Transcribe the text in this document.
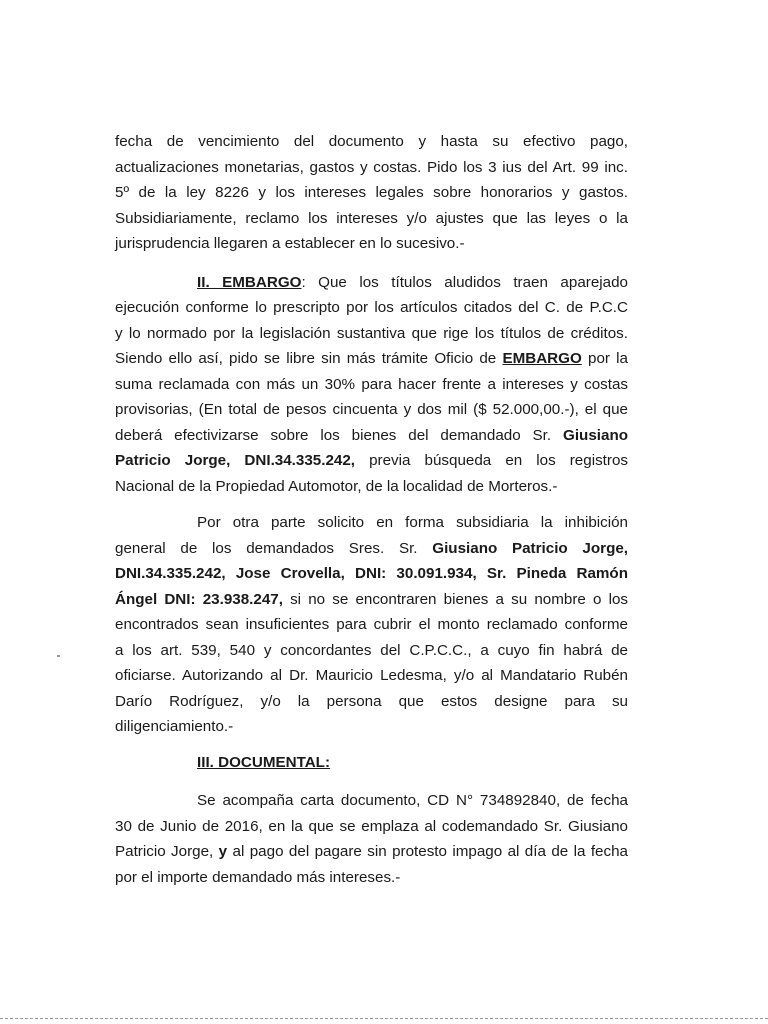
fecha de vencimiento del documento y hasta su efectivo pago,
actualizaciones monetarias, gastos y costas. Pido los 3 ius del Art. 99 inc.
5º de la ley 8226 y los intereses legales sobre honorarios y gastos.
Subsidiariamente, reclamo los intereses y/o ajustes que las leyes o la
jurisprudencia llegaren a establecer en lo sucesivo.-

II. EMBARGO: Que los títulos aludidos traen aparejado
ejecución conforme lo prescripto por los artículos citados del C. de P.C.C
y lo normado por la legislación sustantiva que rige los títulos de créditos.
Siendo ello así, pido se libre sin más trámite Oficio de EMBARGO por la
suma reclamada con más un 30% para hacer frente a intereses y costas
provisorias, (En total de pesos cincuenta y dos mil ($ 52.000,00.-), el que
deberá efectivizarse sobre los bienes del demandado Sr. Giusiano
Patricio Jorge, DNI.34.335.242, previa búsqueda en los registros
Nacional de la Propiedad Automotor, de la localidad de Morteros.-

Por otra parte solicito en forma subsidiaria la inhibición
general de los demandados Sres. Sr. Giusiano Patricio Jorge,
DNI.34.335.242, Jose Crovella, DNI: 30.091.934, Sr. Pineda Ramón
Ángel DNI: 23.938.247, si no se encontraren bienes a su nombre o los
encontrados sean insuficientes para cubrir el monto reclamado conforme
a los art. 539, 540 y concordantes del C.P.C.C., a cuyo fin habrá de
oficiarse. Autorizando al Dr. Mauricio Ledesma, y/o al Mandatario Rubén
Darío Rodríguez, y/o la persona que estos designe para su
diligenciamiento.-

III. DOCUMENTAL:

Se acompaña carta documento, CD N° 734892840, de fecha
30 de Junio de 2016, en la que se emplaza al codemandado Sr. Giusiano
Patricio Jorge, y al pago del pagare sin protesto impago al día de la fecha
por el importe demandado más intereses.-
